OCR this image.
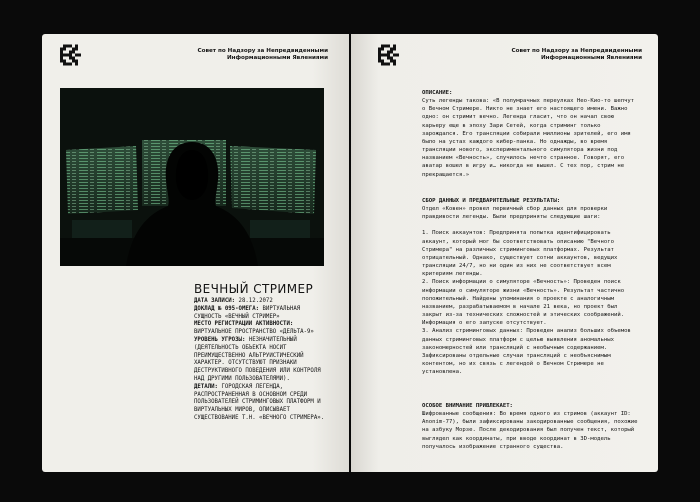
Совет по Надзору за Непредвиденными
Информационными Явлениями
ВЕЧНЫЙ СТРИМЕР
ДАТА ЗАПИСИ: 28.12.2072
ДОКЛАД № 095-ОМЕГА: ВИРТУАЛЬНАЯ СУЩНОСТЬ «ВЕЧНЫЙ СТРИМЕР»
МЕСТО РЕГИСТРАЦИИ АКТИВНОСТИ: ВИРТУАЛЬНОЕ ПРОСТРАНСТВО «ДЕЛЬТА-9»
УРОВЕНЬ УГРОЗЫ: НЕЗНАЧИТЕЛЬНЫЙ (ДЕЯТЕЛЬНОСТЬ ОБЪЕКТА НОСИТ ПРЕИМУЩЕСТВЕННО АЛЬТРУИСТИЧЕСКИЙ ХАРАКТЕР. ОТСУТСТВУЮТ ПРИЗНАКИ ДЕСТРУКТИВНОГО ПОВЕДЕНИЯ ИЛИ КОНТРОЛЯ НАД ДРУГИМИ ПОЛЬЗОВАТЕЛЯМИ).
ДЕТАЛИ: ГОРОДСКАЯ ЛЕГЕНДА, РАСПРОСТРАНЕННАЯ В ОСНОВНОМ СРЕДИ ПОЛЬЗОВАТЕЛЕЙ СТРИМИНГОВЫХ ПЛАТФОРМ И ВИРТУАЛЬНЫХ МИРОВ, ОПИСЫВАЕТ СУЩЕСТВОВАНИЕ Т.Н. «ВЕЧНОГО СТРИМЕРА».
Совет по Надзору за Непредвиденными
Информационными Явлениями
ОПИСАНИЕ:

Суть легенды такова: «В полумрачных переулках Нео-Кио-то шепчут о Вечном Стримере. Никто не знает его настоящего имени. Важно одно: он стримит вечно. Легенда гласит, что он начал свою карьеру еще в эпоху Зари Сетей, когда стриминг только зарождался. Его трансляции собирали миллионы зрителей, его имя было на устах каждого кибер-панка. Но однажды, во время трансляции нового, экспериментального симулятора жизни под названием «Вечность», случилось нечто странное. Говорят, его аватар вошел в игру и… никогда не вышел. С тех пор, стрим не прекращается.»

СБОР ДАННЫХ И ПРЕДВАРИТЕЛЬНЫЕ РЕЗУЛЬТАТЫ:

Отдел «Ковен» провел первичный сбор данных для проверки правдивости легенды. Были предприняты следующие шаги:

1. Поиск аккаунтов: Предпринята попытка идентифицировать аккаунт, который мог бы соответствовать описанию "Вечного Стримера" на различных стриминговых платформах. Результат отрицательный. Однако, существует сотни аккаунтов, ведущих трансляции 24/7, но ни один из них не соответствует всем критериям легенды.

2. Поиск информации о симуляторе «Вечность»: Проведен поиск информации о симуляторе жизни «Вечность». Результат частично положительный. Найдены упоминания о проекте с аналогичным названием, разрабатываемом в начале 21 века, но проект был закрыт из-за технических сложностей и этических соображений. Информация о его запуске отсутствует.

3. Анализ стриминговых данных: Проведен анализ больших объемов данных стриминговых платформ с целью выявления аномальных закономерностей или трансляций с необычным содержанием. Зафиксированы отдельные случаи трансляций с необъяснимым контентом, но их связь с легендой о Вечном Стримере не установлена.

ОСОБОЕ ВНИМАНИЕ ПРИВЛЕКАЕТ:

Шифрованные сообщения: Во время одного из стримов (аккаунт ID: Anonim-77), были зафиксированы закодированные сообщения, похожие на азбуку Морзе. После декодирования был получен текст, который выглядел как координаты, при вводе координат в 3D-модель получалось изображение странного существа.
